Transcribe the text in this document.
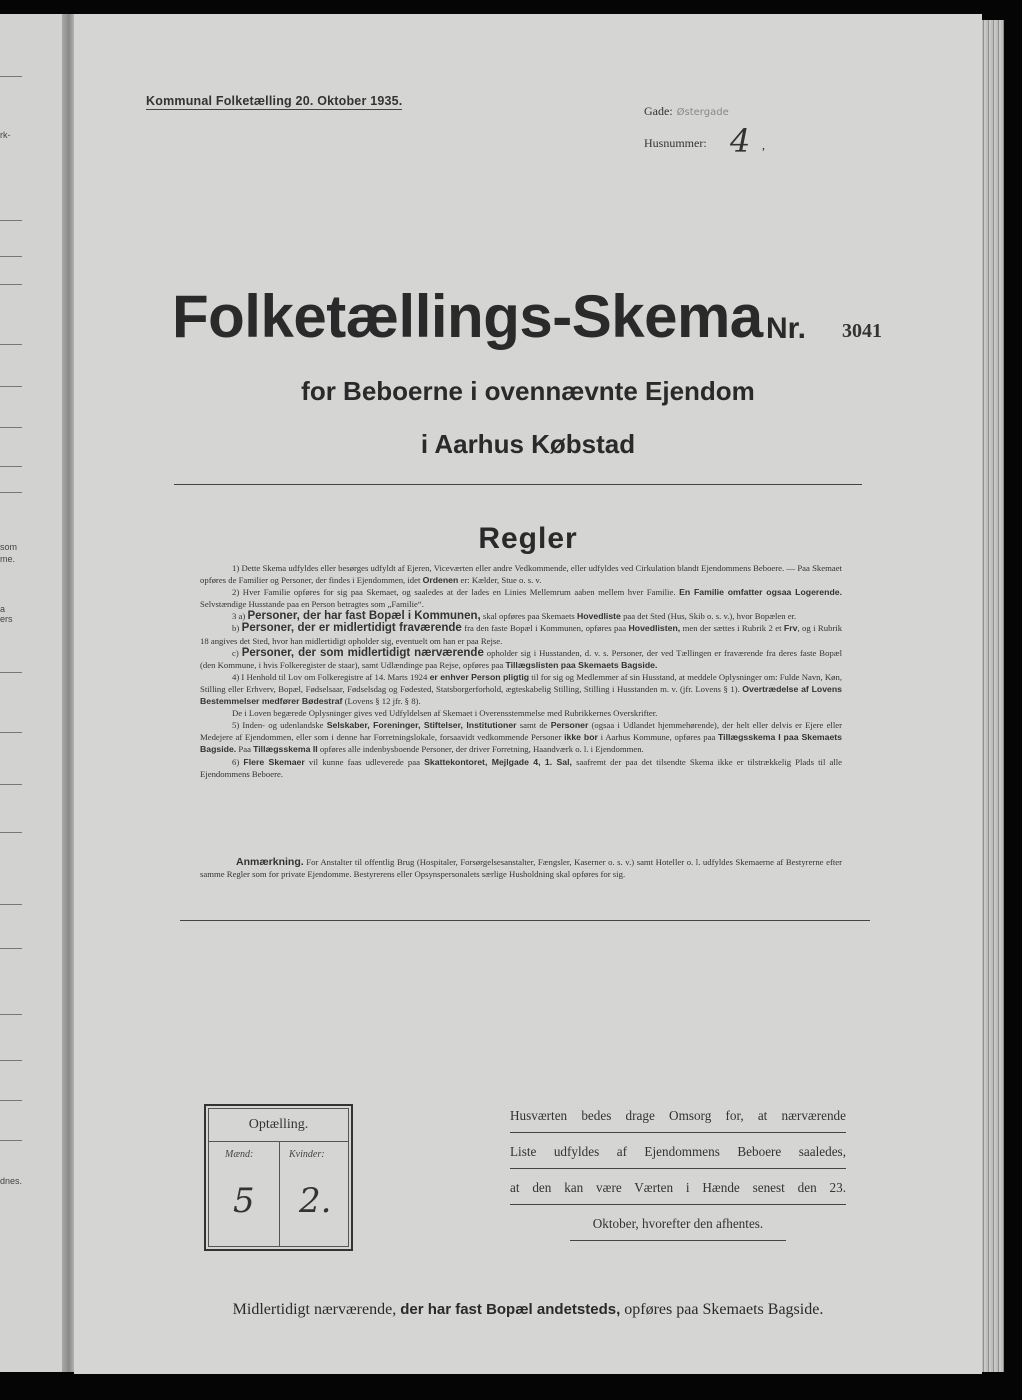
rk-
som
me.
a
ers
dnes.
Kommunal Folketælling 20. Oktober 1935.
Gade: Østergade
Husnummer: 4 ,
Folketællings-Skema Nr. 3041
for Beboerne i ovennævnte Ejendom
i Aarhus Købstad
Regler

1) Dette Skema udfyldes eller besørges udfyldt af Ejeren, Viceværten eller andre Vedkommende, eller udfyldes ved Cirkulation blandt Ejendommens Beboere. — Paa Skemaet opføres de Familier og Personer, der findes i Ejendommen, idet Ordenen er: Kælder, Stue o. s. v.

2) Hver Familie opføres for sig paa Skemaet, og saaledes at der lades en Linies Mellemrum aaben mellem hver Familie. En Familie omfatter ogsaa Logerende. Selvstændige Husstande paa en Person betragtes som „Familie“.

3 a) Personer, der har fast Bopæl i Kommunen, skal opføres paa Skemaets Hovedliste paa det Sted (Hus, Skib o. s. v.), hvor Bopælen er.

b) Personer, der er midlertidigt fraværende fra den faste Bopæl i Kommunen, opføres paa Hovedlisten, men der sættes i Rubrik 2 et Frv, og i Rubrik 18 angives det Sted, hvor han midlertidigt opholder sig, eventuelt om han er paa Rejse.

c) Personer, der som midlertidigt nærværende opholder sig i Husstanden, d. v. s. Personer, der ved Tællingen er fraværende fra deres faste Bopæl (den Kommune, i hvis Folkeregister de staar), samt Udlændinge paa Rejse, opføres paa Tillægslisten paa Skemaets Bagside.

4) I Henhold til Lov om Folkeregistre af 14. Marts 1924 er enhver Person pligtig til for sig og Medlemmer af sin Husstand, at meddele Oplysninger om: Fulde Navn, Køn, Stilling eller Erhverv, Bopæl, Fødselsaar, Fødselsdag og Fødested, Statsborgerforhold, ægteskabelig Stilling, Stilling i Husstanden m. v. (jfr. Lovens § 1). Overtrædelse af Lovens Bestemmelser medfører Bødestraf (Lovens § 12 jfr. § 8).

De i Loven begærede Oplysninger gives ved Udfyldelsen af Skemaet i Overensstemmelse med Rubrikkernes Overskrifter.

5) Inden- og udenlandske Selskaber, Foreninger, Stiftelser, Institutioner samt de Personer (ogsaa i Udlandet hjemmehørende), der helt eller delvis er Ejere eller Medejere af Ejendommen, eller som i denne har Forretningslokale, forsaavidt vedkommende Personer ikke bor i Aarhus Kommune, opføres paa Tillægsskema I paa Skemaets Bagside. Paa Tillægsskema II opføres alle indenbysboende Personer, der driver Forretning, Haandværk o. l. i Ejendommen.

6) Flere Skemaer vil kunne faas udleverede paa Skattekontoret, Mejlgade 4, 1. Sal, saafremt der paa det tilsendte Skema ikke er tilstrækkelig Plads til alle Ejendommens Beboere.

Anmærkning. For Anstalter til offentlig Brug (Hospitaler, Forsørgelsesanstalter, Fængsler, Kaserner o. s. v.) samt Hoteller o. l. udfyldes Skemaerne af Bestyrerne efter samme Regler som for private Ejendomme. Bestyrerens eller Opsynspersonalets særlige Husholdning skal opføres for sig.

Optælling.
Mænd:	Kvinder:
5 2.
Husværten bedes drage Omsorg for, at nærværende
Liste udfyldes af Ejendommens Beboere saaledes,
at den kan være Værten i Hænde senest den 23.
Oktober, hvorefter den afhentes.
Midlertidigt nærværende, der har fast Bopæl andetsteds, opføres paa Skemaets Bagside.
